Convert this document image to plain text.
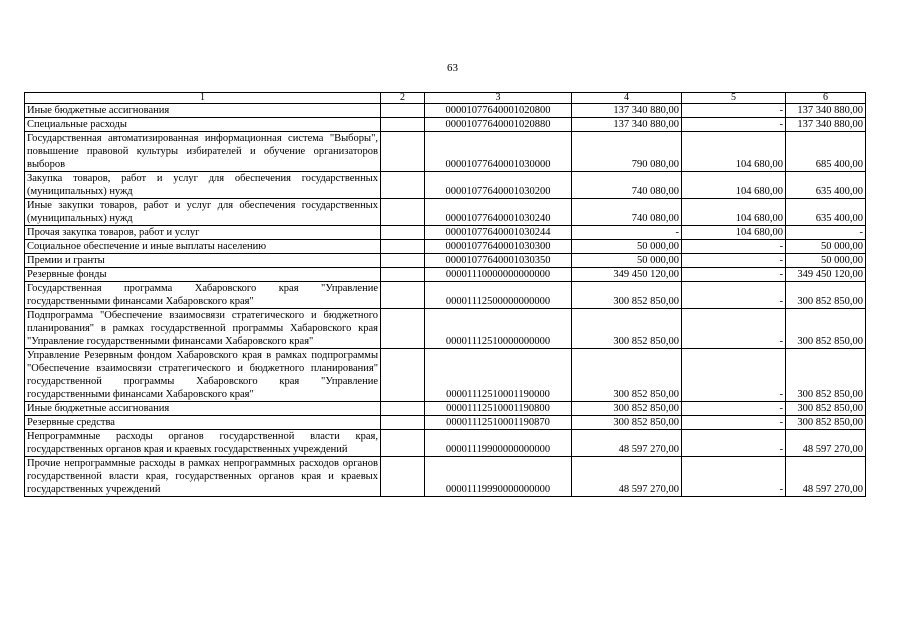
63
1	2	3	4	5	6
Иные бюджетные ассигнования		00001077640001020800	137 340 880,00	-	137 340 880,00
Специальные расходы		00001077640001020880	137 340 880,00	-	137 340 880,00
Государственная автоматизированная информационная система "Выборы", повышение правовой культуры избирателей и обучение организаторов выборов		00001077640001030000	790 080,00	104 680,00	685 400,00
Закупка товаров, работ и услуг для обеспечения государственных (муниципальных) нужд		00001077640001030200	740 080,00	104 680,00	635 400,00
Иные закупки товаров, работ и услуг для обеспечения государственных (муниципальных) нужд		00001077640001030240	740 080,00	104 680,00	635 400,00
Прочая закупка товаров, работ и услуг		00001077640001030244	-	104 680,00	-
Социальное обеспечение и иные выплаты населению		00001077640001030300	50 000,00	-	50 000,00
Премии и гранты		00001077640001030350	50 000,00	-	50 000,00
Резервные фонды		00001110000000000000	349 450 120,00	-	349 450 120,00
Государственная программа Хабаровского края "Управление государственными финансами Хабаровского края"		00001112500000000000	300 852 850,00	-	300 852 850,00
Подпрограмма "Обеспечение взаимосвязи стратегического и бюджетного планирования" в рамках государственной программы Хабаровского края "Управление государственными финансами Хабаровского края"		00001112510000000000	300 852 850,00	-	300 852 850,00
Управление Резервным фондом Хабаровского края в рамках подпрограммы "Обеспечение взаимосвязи стратегического и бюджетного планирования" государственной программы Хабаровского края "Управление государственными финансами Хабаровского края"		00001112510001190000	300 852 850,00	-	300 852 850,00
Иные бюджетные ассигнования		00001112510001190800	300 852 850,00	-	300 852 850,00
Резервные средства		00001112510001190870	300 852 850,00	-	300 852 850,00
Непрограммные расходы органов государственной власти края, государственных органов края и краевых государственных учреждений		00001119900000000000	48 597 270,00	-	48 597 270,00
Прочие непрограммные расходы в рамках непрограммных расходов органов государственной власти края, государственных органов края и краевых государственных учреждений		00001119990000000000	48 597 270,00	-	48 597 270,00
